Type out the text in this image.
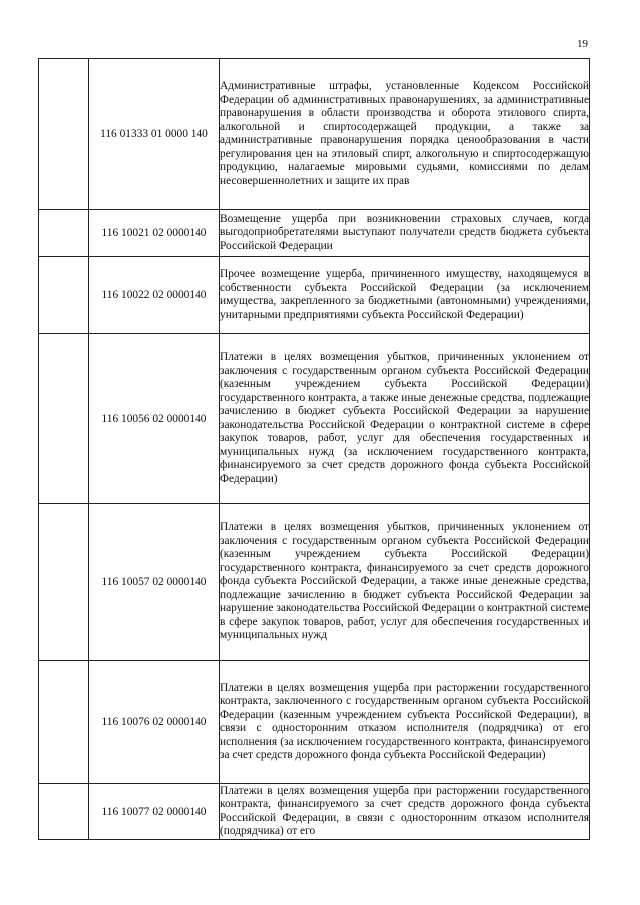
19
	116 01333 01 0000 140	Административные штрафы, установленные Кодексом Российской Федерации об административных правонарушениях, за административные правонарушения в области производства и оборота этилового спирта, алкогольной и спиртосодержащей продукции, а также за административные правонарушения порядка ценообразования в части регулирования цен на этиловый спирт, алкогольную и спиртосодержащую продукцию, налагаемые мировыми судьями, комиссиями по делам несовершеннолетних и защите их прав

	116 10021 02 0000140	Возмещение ущерба при возникновении страховых случаев, когда выгодоприобретателями выступают получатели средств бюджета субъекта Российской Федерации

	116 10022 02 0000140	Прочее возмещение ущерба, причиненного имуществу, находящемуся в собственности субъекта Российской Федерации (за исключением имущества, закрепленного за бюджетными (автономными) учреждениями, унитарными предприятиями субъекта Российской Федерации)

	116 10056 02 0000140	Платежи в целях возмещения убытков, причиненных уклонением от заключения с государственным органом субъекта Российской Федерации (казенным учреждением субъекта Российской Федерации) государственного контракта, а также иные денежные средства, подлежащие зачислению в бюджет субъекта Российской Федерации за нарушение законодательства Российской Федерации о контрактной системе в сфере закупок товаров, работ, услуг для обеспечения государственных и муниципальных нужд (за исключением государственного контракта, финансируемого за счет средств дорожного фонда субъекта Российской Федерации)

	116 10057 02 0000140	Платежи в целях возмещения убытков, причиненных уклонением от заключения с государственным органом субъекта Российской Федерации (казенным учреждением субъекта Российской Федерации) государственного контракта, финансируемого за счет средств дорожного фонда субъекта Российской Федерации, а также иные денежные средства, подлежащие зачислению в бюджет субъекта Российской Федерации за нарушение законодательства Российской Федерации о контрактной системе в сфере закупок товаров, работ, услуг для обеспечения государственных и муниципальных нужд

	116 10076 02 0000140	Платежи в целях возмещения ущерба при расторжении государственного контракта, заключенного с государственным органом субъекта Российской Федерации (казенным учреждением субъекта Российской Федерации), в связи с односторонним отказом исполнителя (подрядчика) от его исполнения (за исключением государственного контракта, финансируемого за счет средств дорожного фонда субъекта Российской Федерации)

	116 10077 02 0000140	Платежи в целях возмещения ущерба при расторжении государственного контракта, финансируемого за счет средств дорожного фонда субъекта Российской Федерации, в связи с односторонним отказом исполнителя (подрядчика) от его
